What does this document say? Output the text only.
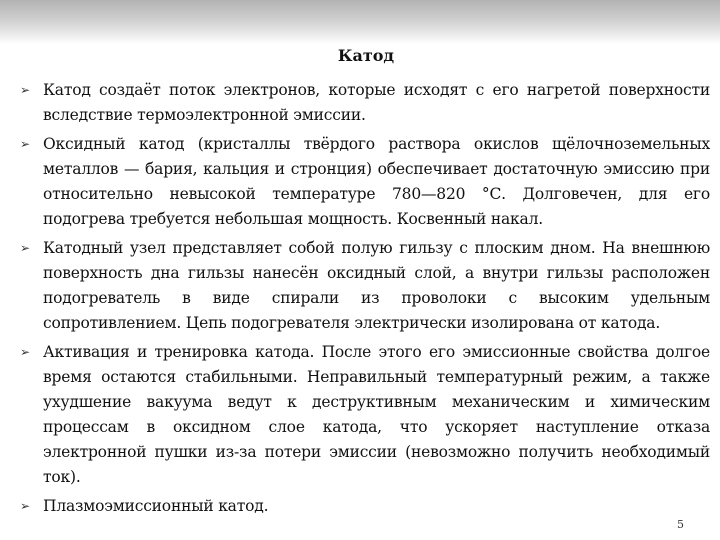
Катод
➢ Катод создаёт поток электронов, которые исходят с его нагретой поверхности вследствие термоэлектронной эмиссии.
➢ Оксидный катод (кристаллы твёрдого раствора окислов щёлочноземельных металлов — бария, кальция и стронция) обеспечивает достаточную эмиссию при относительно невысокой температуре 780—820 °С. Долговечен, для его подогрева требуется небольшая мощность. Косвенный накал.
➢ Катодный узел представляет собой полую гильзу с плоским дном. На внешнюю поверхность дна гильзы нанесён оксидный слой, а внутри гильзы расположен подогреватель в виде спирали из проволоки с высоким удельным сопротивлением. Цепь подогревателя электрически изолирована от катода.
➢ Активация и тренировка катода. После этого его эмиссионные свойства долгое время остаются стабильными. Неправильный температурный режим, а также ухудшение вакуума ведут к деструктивным механическим и химическим процессам в оксидном слое катода, что ускоряет наступление отказа электронной пушки из-за потери эмиссии (невозможно получить необходимый ток).
➢ Плазмоэмиссионный катод.
5
